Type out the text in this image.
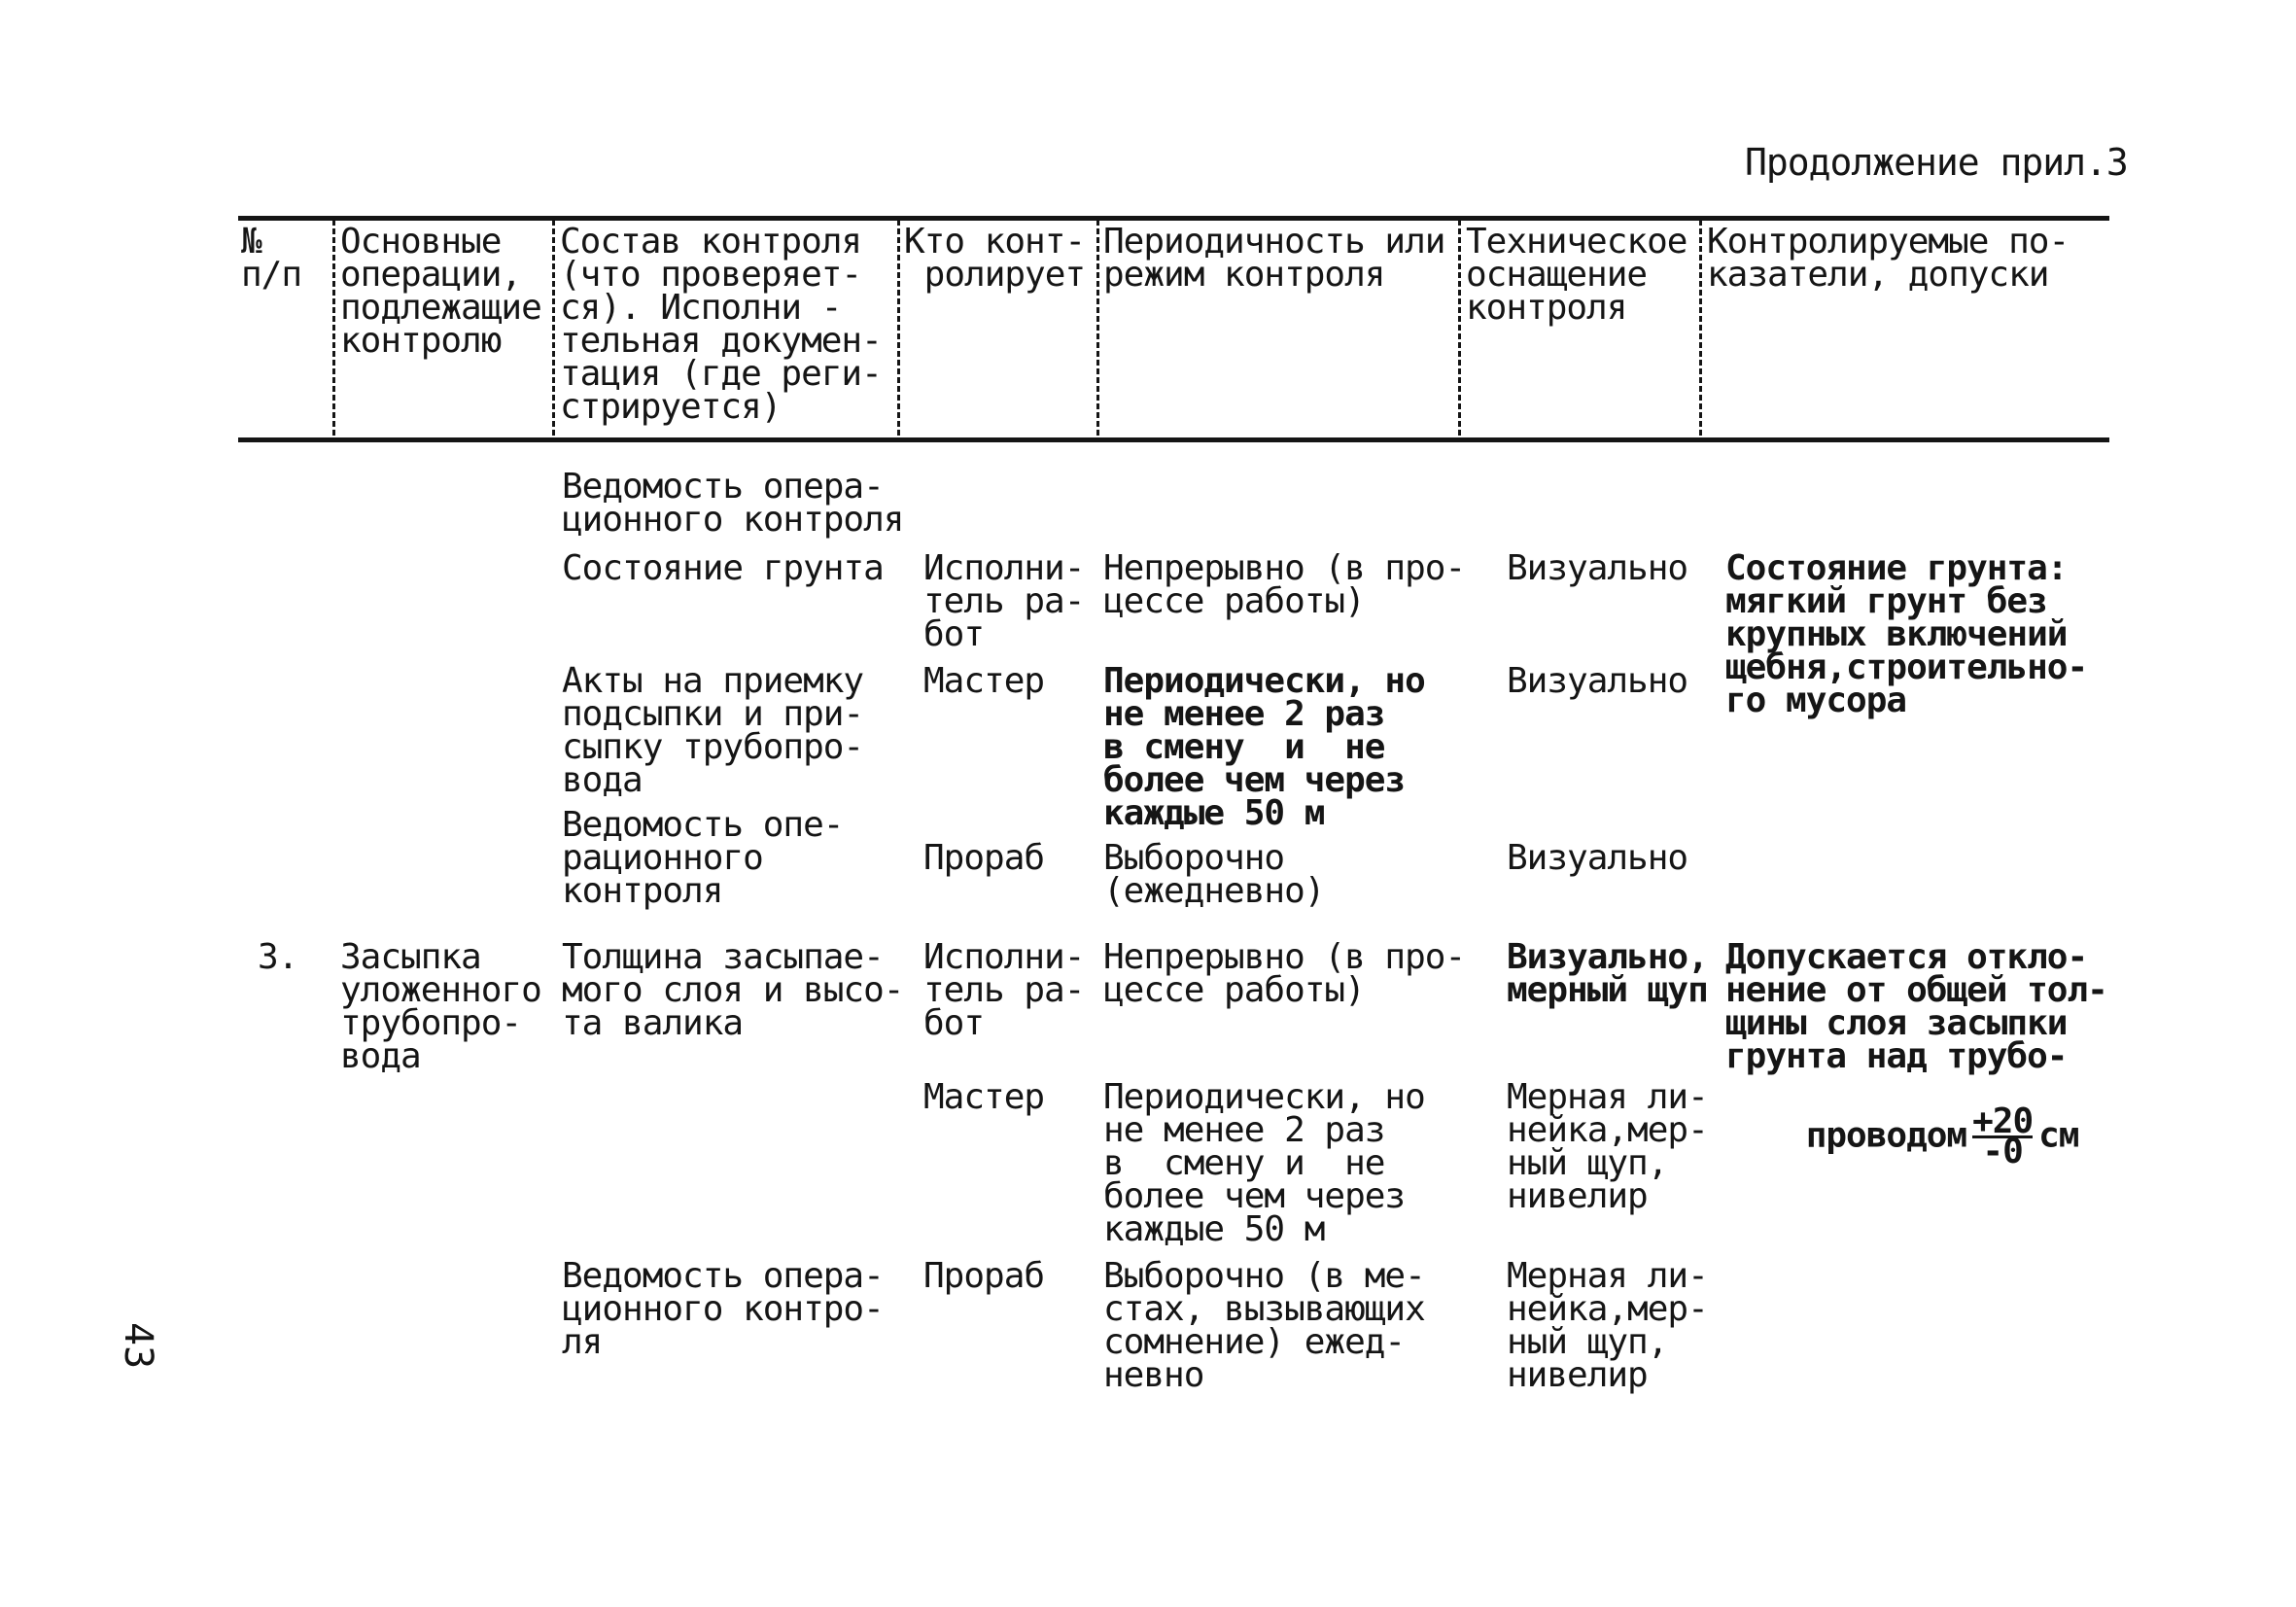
Продолжение прил.3
№
п/п
Основные
операции,
подлежащие
контролю
Состав контроля
(что проверяет-
ся). Исполни -
тельная докумен-
тация (где реги-
стрируется)
Кто конт-
ролирует
Периодичность или
режим контроля
Техническое
оснащение
контроля
Контролируемые по-
казатели, допуски
Ведомость опера-
ционного контроля
Состояние грунта Исполни-
тель ра-
бот
Непрерывно (в про-
цессе работы)
Визуально Состояние грунта:
мягкий грунт без
крупных включений
щебня,строительно-
го мусора
Акты на приемку
подсыпки и при-
сыпку трубопро-
вода
Мастер Периодически, но
не менее 2 раз
в смену  и  не
более чем через
каждые 50 м
Визуально
Ведомость опе-
рационного
контроля
Прораб Выборочно
(ежедневно)
Визуально
3. Засыпка
уложенного
трубопро-
вода
Толщина засыпае-
мого слоя и высо-
та валика
Исполни-
тель ра-
бот
Непрерывно (в про-
цессе работы)
Визуально,
мерный щуп
Допускается откло-
нение от общей тол-
щины слоя засыпки
грунта над трубо-

проводом $\frac{+20}{-0}$ см

Мастер Периодически, но
не менее 2 раз
в  смену и  не
более чем через
каждые 50 м
Мерная ли-
нейка,мер-
ный щуп,
нивелир
Ведомость опера-
ционного контро-
ля
Прораб Выборочно (в ме-
стах, вызывающих
сомнение) ежед-
невно
Мерная ли-
нейка,мер-
ный щуп,
нивелир
43
